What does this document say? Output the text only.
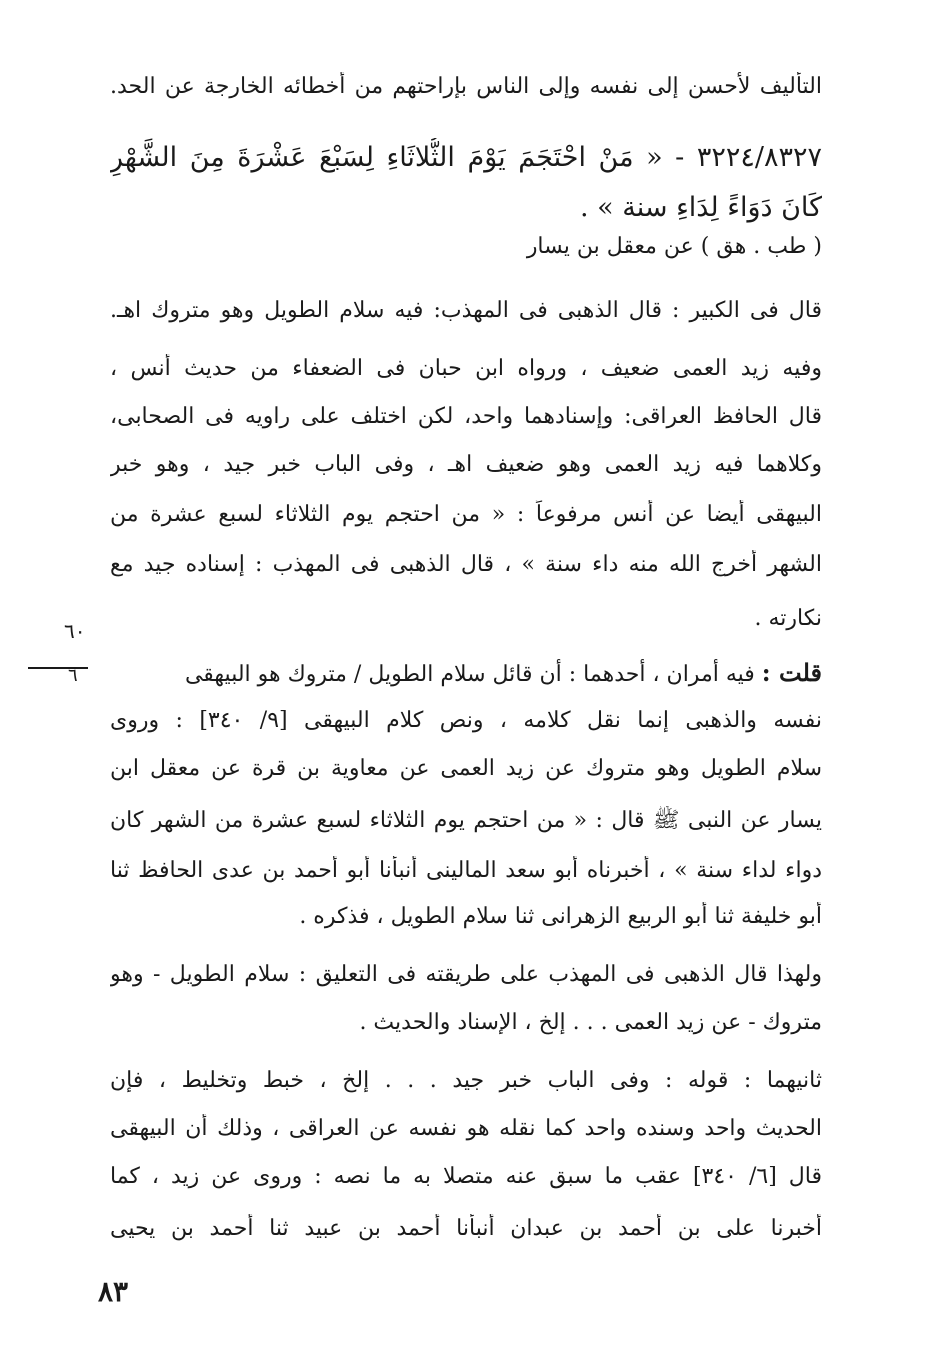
التأليف لأحسن إلى نفسه وإلى الناس بإراحتهم من أخطائه الخارجة عن الحد.
٣٢٢٤/٨٣٢٧ - « مَنْ احْتَجَمَ يَوْمَ الثُّلاثَاءِ لِسَبْعَ عَشْرَةَ مِنَ الشَّهْرِ
كَانَ دَوَاءً لِدَاءِ سنة » .
( طب . هق ) عن معقل بن يسار
قال فى الكبير : قال الذهبى فى المهذب: فيه سلام الطويل وهو متروك اهـ.
وفيه زيد العمى ضعيف ، ورواه ابن حبان فى الضعفاء من حديث أنس ،
قال الحافظ العراقى: وإسنادهما واحد، لكن اختلف على راويه فى الصحابى،
وكلاهما فيه زيد العمى وهو ضعيف اهـ ، وفى الباب خبر جيد ، وهو خبر
البيهقى أيضا عن أنس مرفوعاً : « من احتجم يوم الثلاثاء لسبع عشرة من
الشهر أخرج الله منه داء سنة » ، قال الذهبى فى المهذب : إسناده جيد مع
نكارته .
قلت : فيه أمران ، أحدهما : أن قائل سلام الطويل / متروك هو البيهقى
نفسه والذهبى إنما نقل كلامه ، ونص كلام البيهقى [٩/ ٣٤٠] : وروى
سلام الطويل وهو متروك عن زيد العمى عن معاوية بن قرة عن معقل ابن
يسار عن النبى ﷺ قال : « من احتجم يوم الثلاثاء لسبع عشرة من الشهر كان
دواء لداء سنة » ، أخبرناه أبو سعد المالينى أنبأنا أبو أحمد بن عدى الحافظ ثنا
أبو خليفة ثنا أبو الربيع الزهرانى ثنا سلام الطويل ، فذكره .
ولهذا قال الذهبى فى المهذب على طريقته فى التعليق : سلام الطويل - وهو
متروك - عن زيد العمى . . . إلخ ، الإسناد والحديث .
ثانيهما : قوله : وفى الباب خبر جيد . . . إلخ ، خبط وتخليط ، فإن
الحديث واحد وسنده واحد كما نقله هو نفسه عن العراقى ، وذلك أن البيهقى
قال [٦/ ٣٤٠] عقب ما سبق عنه متصلا به ما نصه : وروى عن زيد ، كما
أخبرنا على بن أحمد بن عبدان أنبأنا أحمد بن عبيد ثنا أحمد بن يحيى
٦٠
٦
٨٣
